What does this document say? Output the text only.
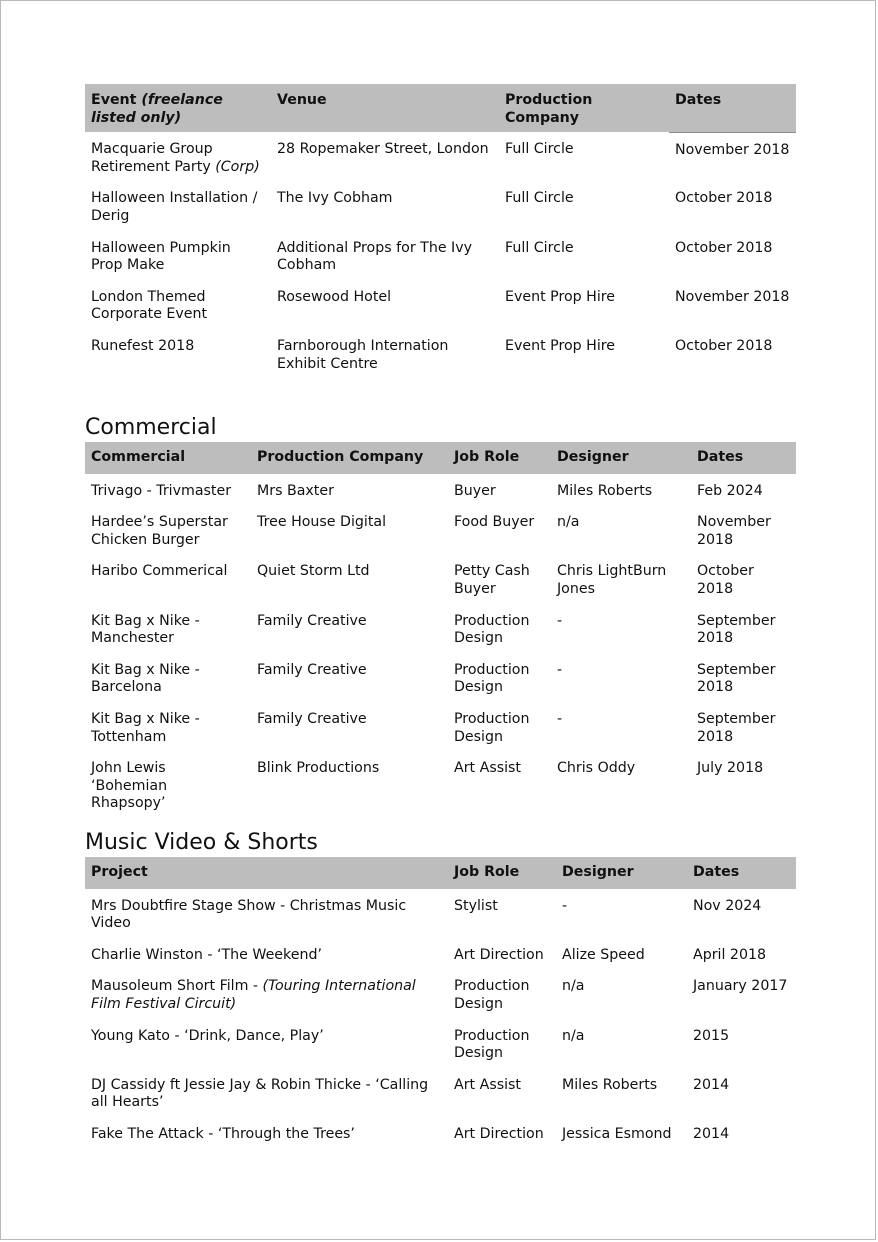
Event (freelance listed only)	Venue	Production Company	Dates
Macquarie Group Retirement Party (Corp)	28 Ropemaker Street, London	Full Circle	November 2018
Halloween Installation / Derig	The Ivy Cobham	Full Circle	October 2018
Halloween Pumpkin Prop Make	Additional Props for The Ivy Cobham	Full Circle	October 2018
London Themed Corporate Event	Rosewood Hotel	Event Prop Hire	November 2018
Runefest 2018	Farnborough Internation Exhibit Centre	Event Prop Hire	October 2018
Commercial
Commercial	Production Company	Job Role	Designer	Dates
Trivago - Trivmaster	Mrs Baxter	Buyer	Miles Roberts	Feb 2024
Hardee’s Superstar Chicken Burger	Tree House Digital	Food Buyer	n/a	November 2018
Haribo Commerical	Quiet Storm Ltd	Petty Cash Buyer	Chris LightBurn Jones	October 2018
Kit Bag x Nike - Manchester	Family Creative	Production Design	-	September 2018
Kit Bag x Nike - Barcelona	Family Creative	Production Design	-	September 2018
Kit Bag x Nike - Tottenham	Family Creative	Production Design	-	September 2018
John Lewis ‘Bohemian Rhapsopy’	Blink Productions	Art Assist	Chris Oddy	July 2018
Music Video & Shorts
Project	Job Role	Designer	Dates
Mrs Doubtfire Stage Show - Christmas Music Video	Stylist	-	Nov 2024
Charlie Winston - ‘The Weekend’	Art Direction	Alize Speed	April 2018
Mausoleum Short Film - (Touring International Film Festival Circuit)	Production Design	n/a	January 2017
Young Kato - ‘Drink, Dance, Play’	Production Design	n/a	2015
DJ Cassidy ft Jessie Jay & Robin Thicke - ‘Calling all Hearts’	Art Assist	Miles Roberts	2014
Fake The Attack - ‘Through the Trees’	Art Direction	Jessica Esmond	2014
